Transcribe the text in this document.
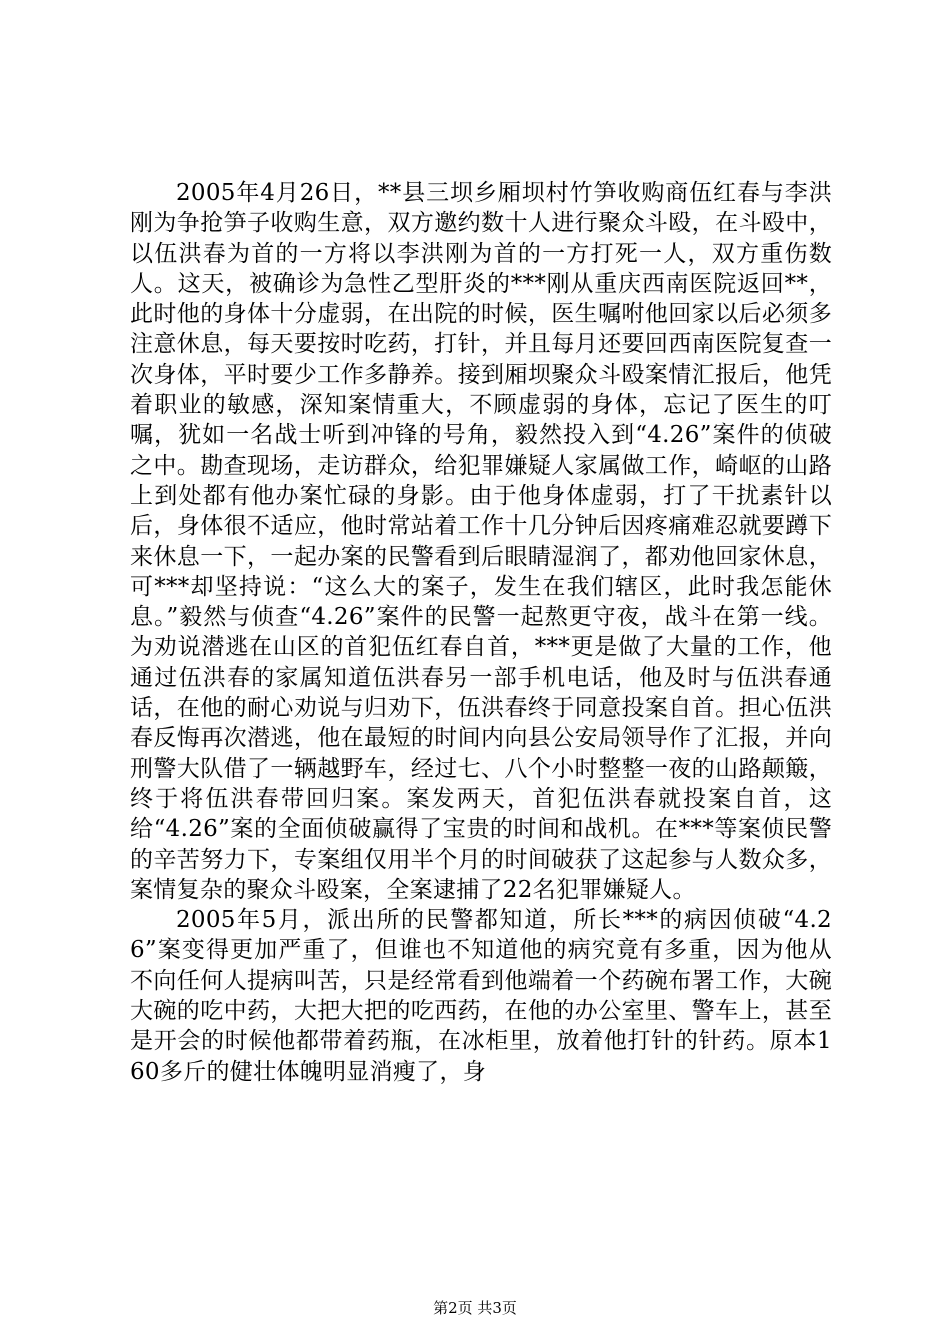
2005年4月26日，**县三坝乡厢坝村竹笋收购商伍红春与李洪刚为争抢笋子收购生意，双方邀约数十人进行聚众斗殴，在斗殴中，以伍洪春为首的一方将以李洪刚为首的一方打死一人，双方重伤数人。这天，被确诊为急性乙型肝炎的***刚从重庆西南医院返回**，此时他的身体十分虚弱，在出院的时候，医生嘱咐他回家以后必须多注意休息，每天要按时吃药，打针，并且每月还要回西南医院复查一次身体，平时要少工作多静养。接到厢坝聚众斗殴案情汇报后，他凭着职业的敏感，深知案情重大，不顾虚弱的身体，忘记了医生的叮嘱，犹如一名战士听到冲锋的号角，毅然投入到“4.26”案件的侦破之中。勘查现场，走访群众，给犯罪嫌疑人家属做工作，崎岖的山路上到处都有他办案忙碌的身影。由于他身体虚弱，打了干扰素针以后，身体很不适应，他时常站着工作十几分钟后因疼痛难忍就要蹲下来休息一下，一起办案的民警看到后眼睛湿润了，都劝他回家休息，可***却坚持说：“这么大的案子，发生在我们辖区，此时我怎能休息。”毅然与侦查“4.26”案件的民警一起熬更守夜，战斗在第一线。为劝说潜逃在山区的首犯伍红春自首，***更是做了大量的工作，他通过伍洪春的家属知道伍洪春另一部手机电话，他及时与伍洪春通话，在他的耐心劝说与归劝下，伍洪春终于同意投案自首。担心伍洪春反悔再次潜逃，他在最短的时间内向县公安局领导作了汇报，并向刑警大队借了一辆越野车，经过七、八个小时整整一夜的山路颠簸，终于将伍洪春带回归案。案发两天，首犯伍洪春就投案自首，这给“4.26”案的全面侦破赢得了宝贵的时间和战机。在***等案侦民警的辛苦努力下，专案组仅用半个月的时间破获了这起参与人数众多，案情复杂的聚众斗殴案，全案逮捕了22名犯罪嫌疑人。

2005年5月，派出所的民警都知道，所长***的病因侦破“4.26”案变得更加严重了，但谁也不知道他的病究竟有多重，因为他从不向任何人提病叫苦，只是经常看到他端着一个药碗布署工作，大碗大碗的吃中药，大把大把的吃西药，在他的办公室里、警车上，甚至是开会的时候他都带着药瓶，在冰柜里，放着他打针的针药。原本160多斤的健壮体魄明显消瘦了，身

第2页 共3页
